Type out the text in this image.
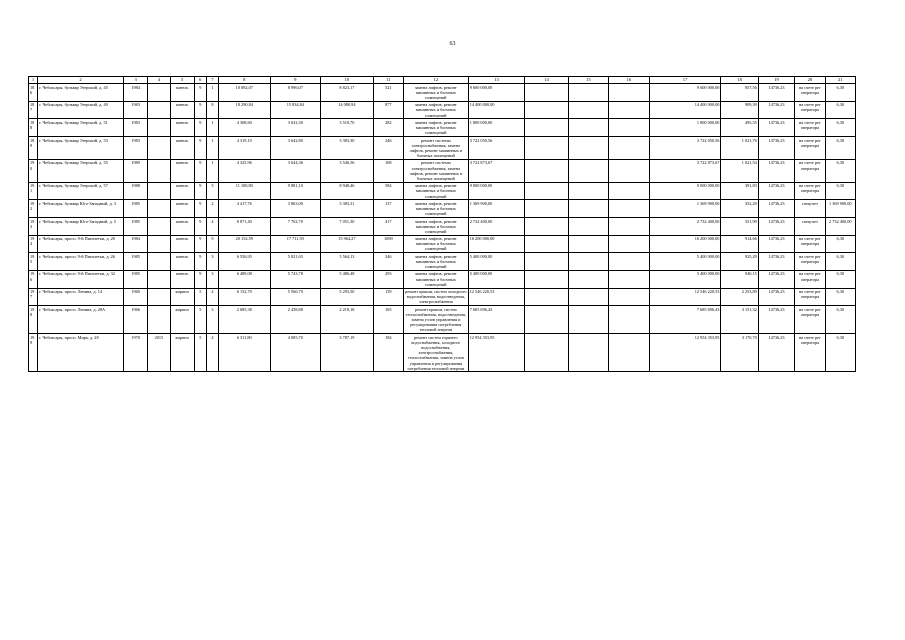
63
1	2	3	4	5	6	7	8	9	10	11	12	13	14	15	16	17	18	19	20	21
186	г. Чебоксары, бульвар Эгерский, д. 45	1984		панель	9	1	10 082,07	8 996,07	8 823,17	521	замена лифтов, ремонт машинных и блочных помещений	9 600 000,00				9 600 000,00	857,56	14736,23	на счете рег оператора	6,30
187	г. Чебоксары, бульвар Эгерский, д. 49	1983		панель	9	8	18 290,84	15 834,84	14 080,94	877	замена лифтов, ремонт машинных и блочных помещений	14 400 000,00				14 400 000,00	909,39	14736,23	на счете рег оператора	6,30
188	г. Чебоксары, бульвар Эгерский, д. 51	1983		панель	9	1	4 308,60	3 632,30	3 510,70	282	замена лифтов, ремонт машинных и блочных помещений	1 800 000,00				1 800 000,00	495,55	14736,23	на счете рег оператора	6,30
189	г. Чебоксары, бульвар Эгерский, д. 53	1983		панель	9	1	4 319,10	3 642,80	3 383,30	246	ремонт системы электроснабжения, замена лифтов, ремонт машинных и блочных помещений	3 722 050,56				3 722 050,56	1 021,76	14736,23	на счете рег оператора	6,30
190	г. Чебоксары, бульвар Эгерский, д. 55	1989		панель	9	1	4 325,96	3 644,36	3 546,56	168	ремонт системы электроснабжения, замена лифтов, ремонт машинных и блочных помещений	3 722 873,67				3 722 873,67	1 021,54	14736,23	на счете рег оператора	6,30
191	г. Чебоксары, бульвар Эгерский, д. 57	1988		панель	9	5	11 100,80	9 881,10	8 948,46	584	замена лифтов, ремонт машинных и блочных помещений	9 000 000,00				9 000 000,00	391,83	14736,23	на счете рег оператора	6,30
192	г. Чебоксары, бульвар Юго-Западный, д. 3	1985		панель	9	2	4 417,76	3 863,00	3 383,31	137	замена лифтов, ремонт машинных и блочных помещений	1 369 900,00				1 369 900,00	352,29	14736,23	спецсчет	1 369 900,00
193	г. Чебоксары, бульвар Юго-Западный, д. 5	1985		панель	9	4	8 871,40	7 762,70	7 051,30	417	замена лифтов, ремонт машинных и блочных помещений	2 732 400,00				2 732 400,00	351,99	14736,23	спецсчет	2 732 400,00
194	г. Чебоксары, просп. 9-й Пятилетки, д. 20	1984		панель	9	9	20 152,59	17 711,59	15 964,27	1069	замена лифтов, ремонт машинных и блочных помещений	16 200 000,00				16 200 000,00	914,66	14736,23	на счете рег оператора	6,30
195	г. Чебоксары, просп. 9-й Пятилетки, д. 26	1985		панель	9	3	6 556,95	5 821,65	5 564,13	346	замена лифтов, ремонт машинных и блочных помещений	5 400 000,00				5 400 000,00	925,29	14736,23	на счете рег оператора	6,30
196	г. Чебоксары, просп. 9-й Пятилетки, д. 32	1985		панель	9	3	6 489,08	5 743,78	5 486,48	293	замена лифтов, ремонт машинных и блочных помещений	5 400 000,00				5 400 000,00	940,15	14736,23	на счете рег оператора	6,30
197	г. Чебоксары, просп. Ленина, д. 14	1960		кирпич	5	4	6 152,70	5 566,70	5 293,50	139	ремонт крыши, систем холодного водоснабжения, водоотведения, электроснабжения	12 546 220,53				12 546 220,53	2 253,80	14736,23	на счете рег оператора	6,30
198	г. Чебоксары, просп. Ленина, д. 28А	1966		кирпич	5	3	2 685,38	2 438,88	2 218,18	165	ремонт крыши, систем теплоснабжения, водоотведения, замена узлов управления и регулирования потребления тепловой энергии	7 685 696,43				7 685 696,43	3 151,32	14736,23	на счете рег оператора	6,30
199	г. Чебоксары, просп. Мира, д. 28	1970	2015	кирпич	5	4	6 311,80	4 085,70	3 787,19	184	ремонт систем горячего водоснабжения, холодного водоснабжения, электроснабжения, теплоснабжения, замена узлов управления и регулирования потребления тепловой энергии	12 954 353,95				12 954 353,95	3 170,70	14736,23	на счете рег оператора	6,30
